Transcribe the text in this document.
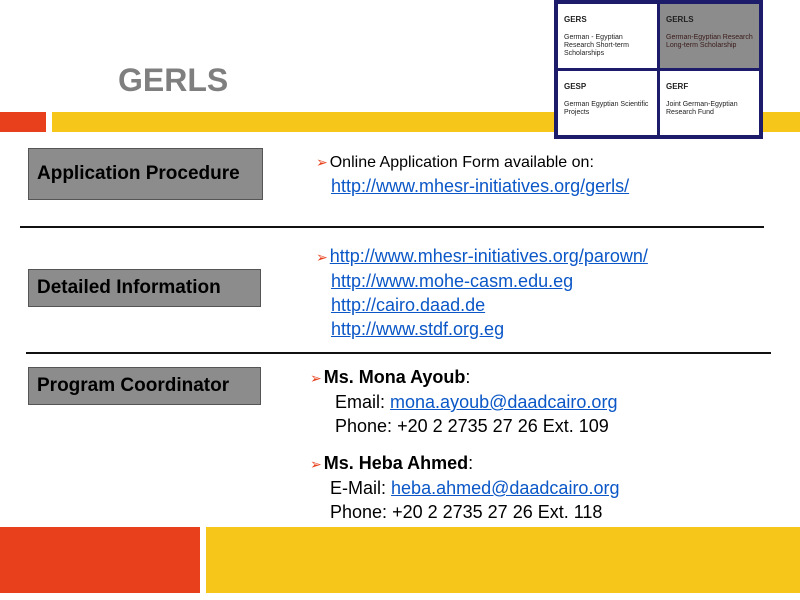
GERLS
GERS
German - Egyptian Research Short-term Scholarships
GERLS
German-Egyptian Research Long-term Scholarship
GESP
German Egyptian Scientific Projects
GERF
Joint German-Egyptian Research Fund
Application Procedure
➢ Online Application Form available on:
http://www.mhesr-initiatives.org/gerls/
Detailed Information
➢ http://www.mhesr-initiatives.org/parown/
http://www.mohe-casm.edu.eg
http://cairo.daad.de
http://www.stdf.org.eg
Program Coordinator	➢ Ms. Mona Ayoub:
Email: mona.ayoub@daadcairo.org
Phone: +20 2 2735 27 26 Ext. 109
➢ Ms. Heba Ahmed:
E-Mail: heba.ahmed@daadcairo.org
Phone: +20 2 2735 27 26 Ext. 118
